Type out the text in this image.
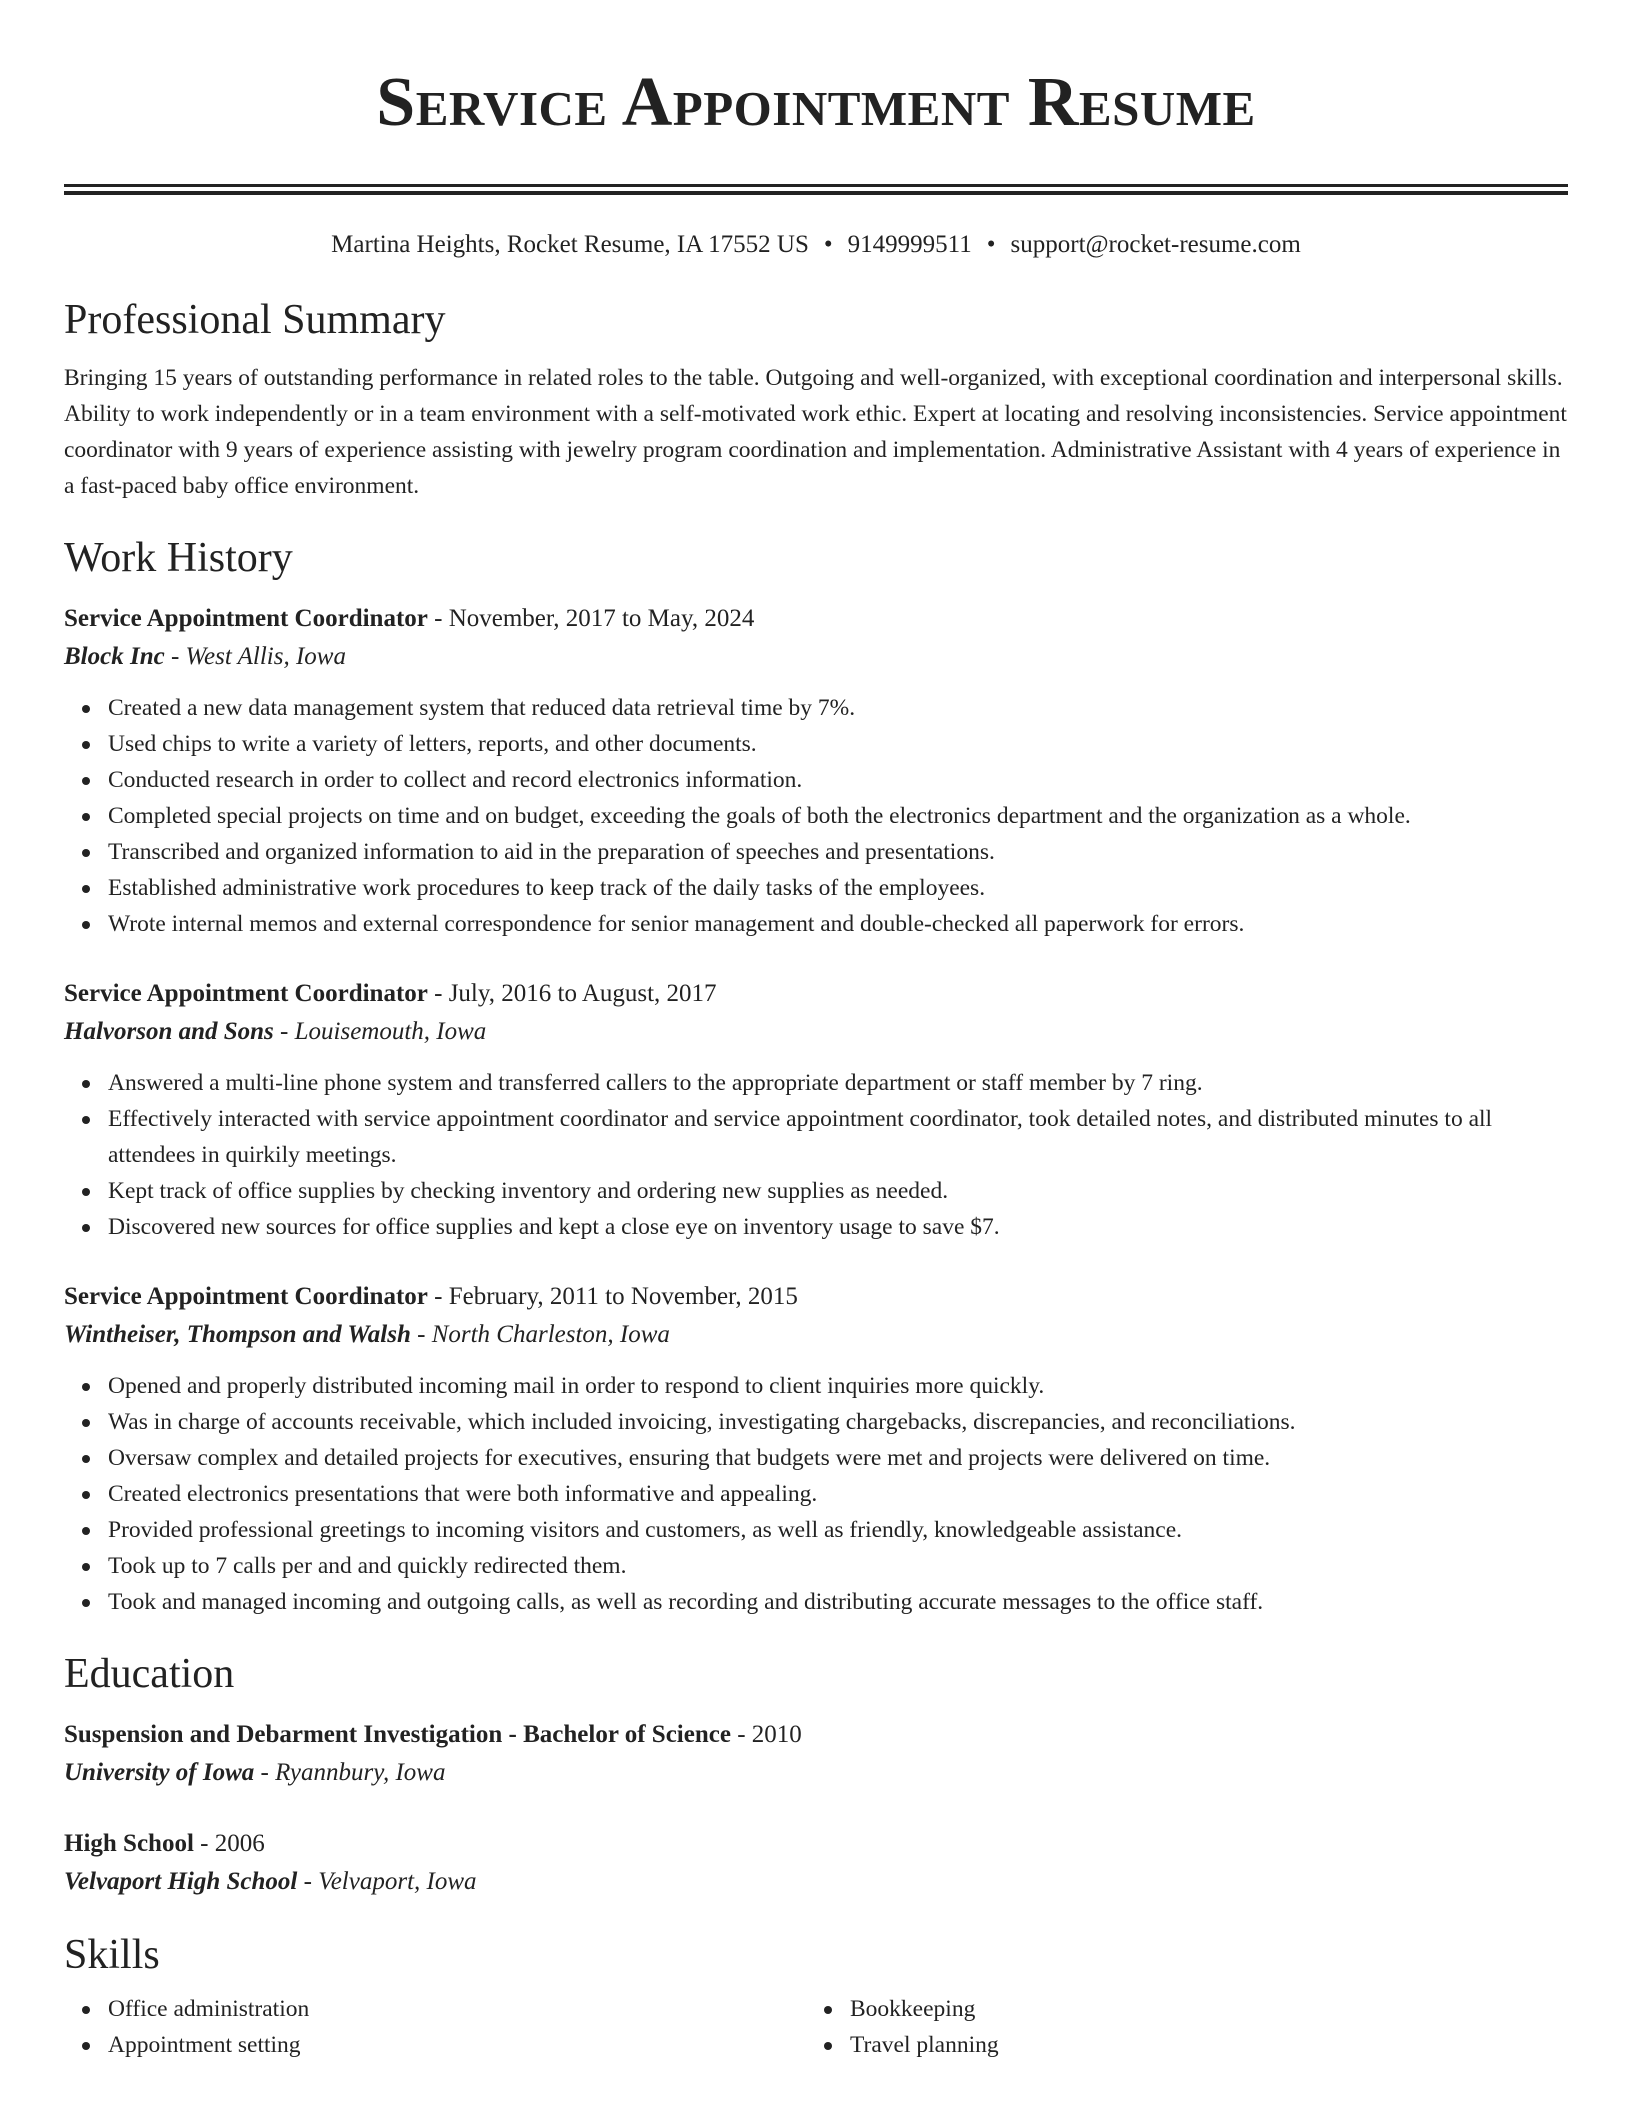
Service Appointment Resume
Martina Heights, Rocket Resume, IA 17552 US • 9149999511 • support@rocket-resume.com
Professional Summary
Bringing 15 years of outstanding performance in related roles to the table. Outgoing and well-organized, with exceptional coordination and interpersonal skills. Ability to work independently or in a team environment with a self-motivated work ethic. Expert at locating and resolving inconsistencies. Service appointment coordinator with 9 years of experience assisting with jewelry program coordination and implementation. Administrative Assistant with 4 years of experience in a fast-paced baby office environment.
Work History
Service Appointment Coordinator - November, 2017 to May, 2024
Block Inc - West Allis, Iowa
Created a new data management system that reduced data retrieval time by 7%.
Used chips to write a variety of letters, reports, and other documents.
Conducted research in order to collect and record electronics information.
Completed special projects on time and on budget, exceeding the goals of both the electronics department and the organization as a whole.
Transcribed and organized information to aid in the preparation of speeches and presentations.
Established administrative work procedures to keep track of the daily tasks of the employees.
Wrote internal memos and external correspondence for senior management and double-checked all paperwork for errors.
Service Appointment Coordinator - July, 2016 to August, 2017
Halvorson and Sons - Louisemouth, Iowa
Answered a multi-line phone system and transferred callers to the appropriate department or staff member by 7 ring.
Effectively interacted with service appointment coordinator and service appointment coordinator, took detailed notes, and distributed minutes to all attendees in quirkily meetings.
Kept track of office supplies by checking inventory and ordering new supplies as needed.
Discovered new sources for office supplies and kept a close eye on inventory usage to save $7.
Service Appointment Coordinator - February, 2011 to November, 2015
Wintheiser, Thompson and Walsh - North Charleston, Iowa
Opened and properly distributed incoming mail in order to respond to client inquiries more quickly.
Was in charge of accounts receivable, which included invoicing, investigating chargebacks, discrepancies, and reconciliations.
Oversaw complex and detailed projects for executives, ensuring that budgets were met and projects were delivered on time.
Created electronics presentations that were both informative and appealing.
Provided professional greetings to incoming visitors and customers, as well as friendly, knowledgeable assistance.
Took up to 7 calls per and and quickly redirected them.
Took and managed incoming and outgoing calls, as well as recording and distributing accurate messages to the office staff.
Education
Suspension and Debarment Investigation - Bachelor of Science - 2010
University of Iowa - Ryannbury, Iowa
High School - 2006
Velvaport High School - Velvaport, Iowa
Skills
Office administration
Appointment setting
Bookkeeping
Travel planning
